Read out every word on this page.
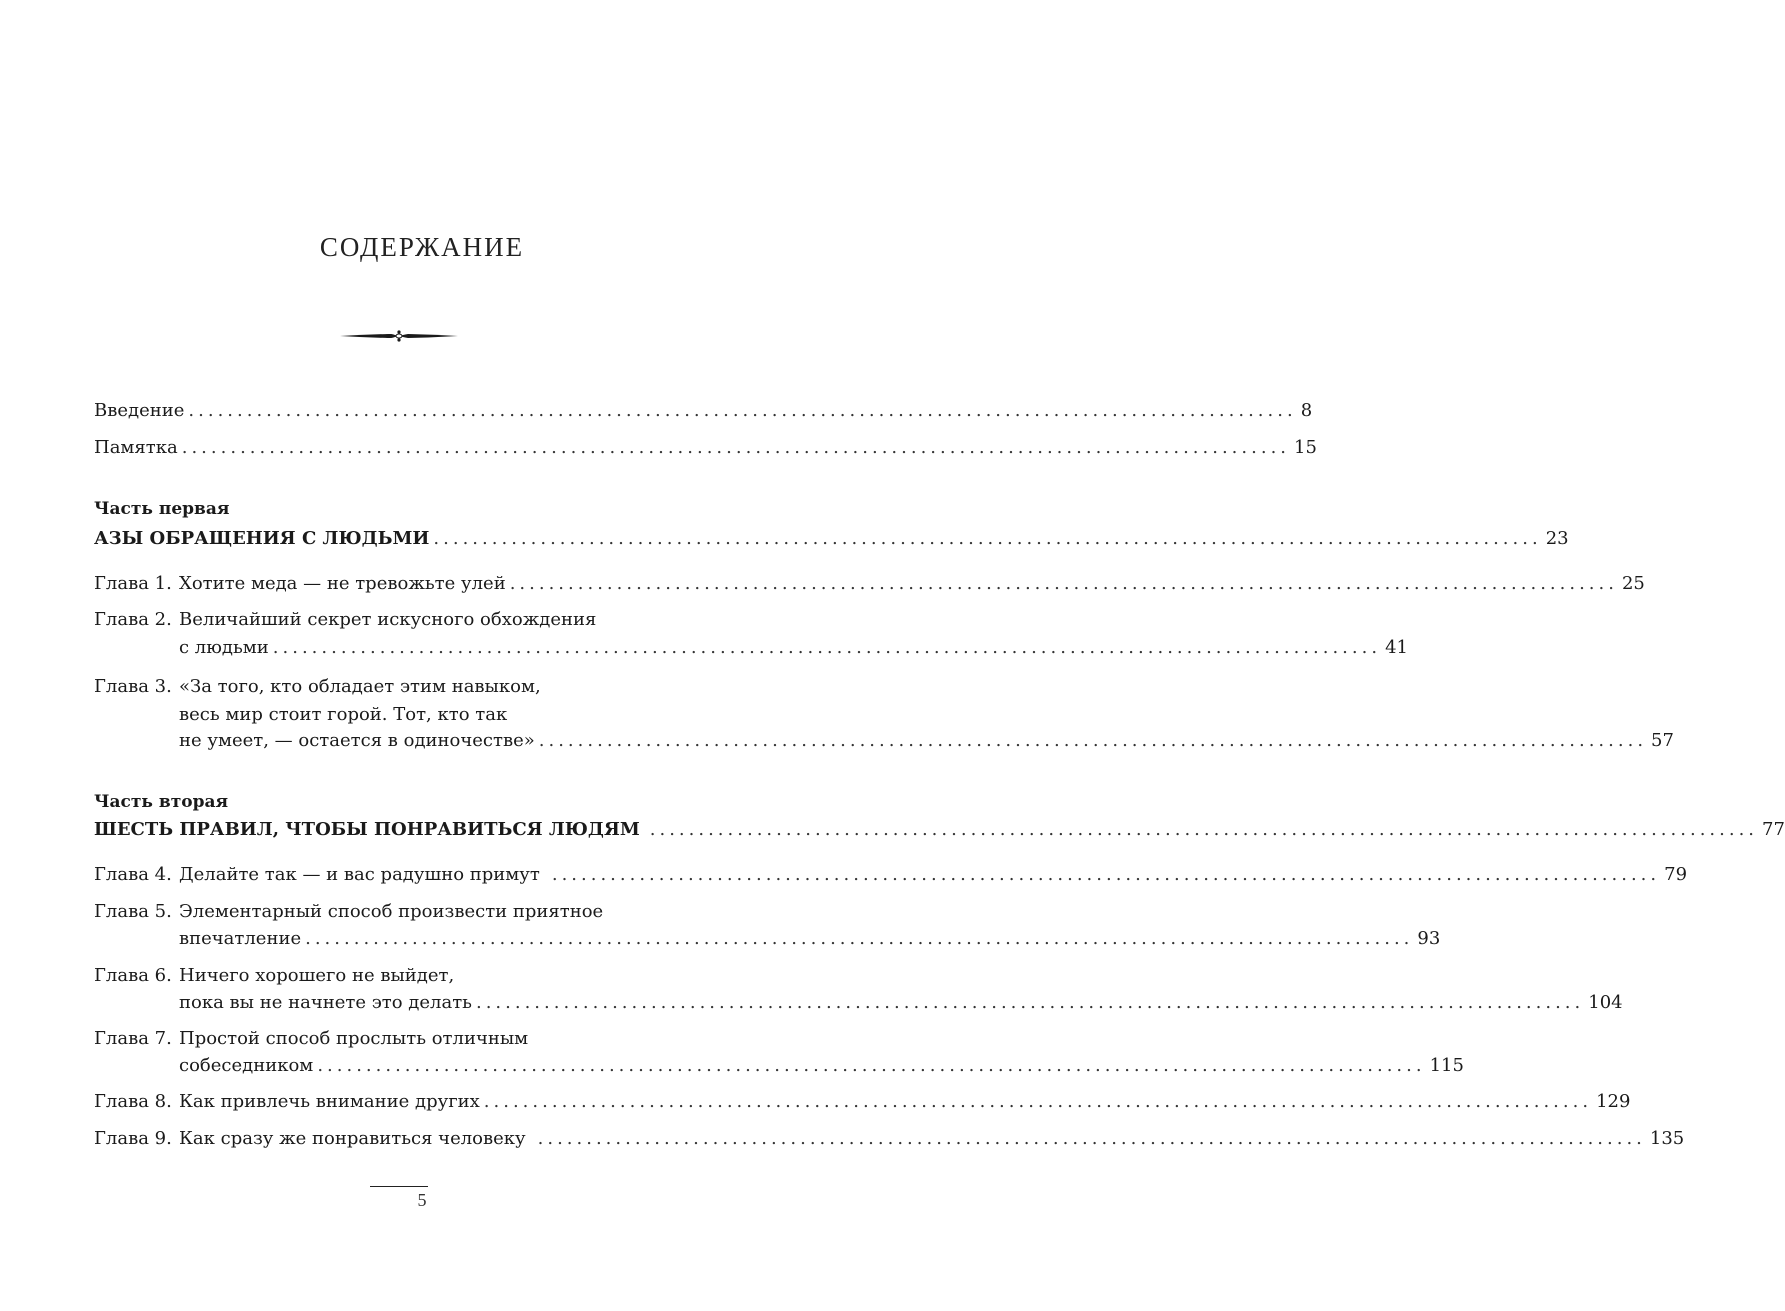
СОДЕРЖАНИЕ
Введение .................................................................................................................. 8
Памятка .................................................................................................................. 15
Часть первая
АЗЫ ОБРАЩЕНИЯ С ЛЮДЬМИ .................................................................................................................. 23
Глава 1. Хотите меда — не тревожьте улей .................................................................................................................. 25
Глава 2. Величайший секрет искусного обхождения
с людьми .................................................................................................................. 41
Глава 3. «За того, кто обладает этим навыком,
весь мир стоит горой. Тот, кто так
не умеет, — остается в одиночестве» .................................................................................................................. 57
Часть вторая
ШЕСТЬ ПРАВИЛ, ЧТОБЫ ПОНРАВИТЬСЯ ЛЮДЯМ .................................................................................................................. 77
Глава 4. Делайте так — и вас радушно примут .................................................................................................................. 79
Глава 5. Элементарный способ произвести приятное
впечатление .................................................................................................................. 93
Глава 6. Ничего хорошего не выйдет,
пока вы не начнете это делать .................................................................................................................. 104
Глава 7. Простой способ прослыть отличным
собеседником .................................................................................................................. 115
Глава 8. Как привлечь внимание других .................................................................................................................. 129
Глава 9. Как сразу же понравиться человеку .................................................................................................................. 135
5
